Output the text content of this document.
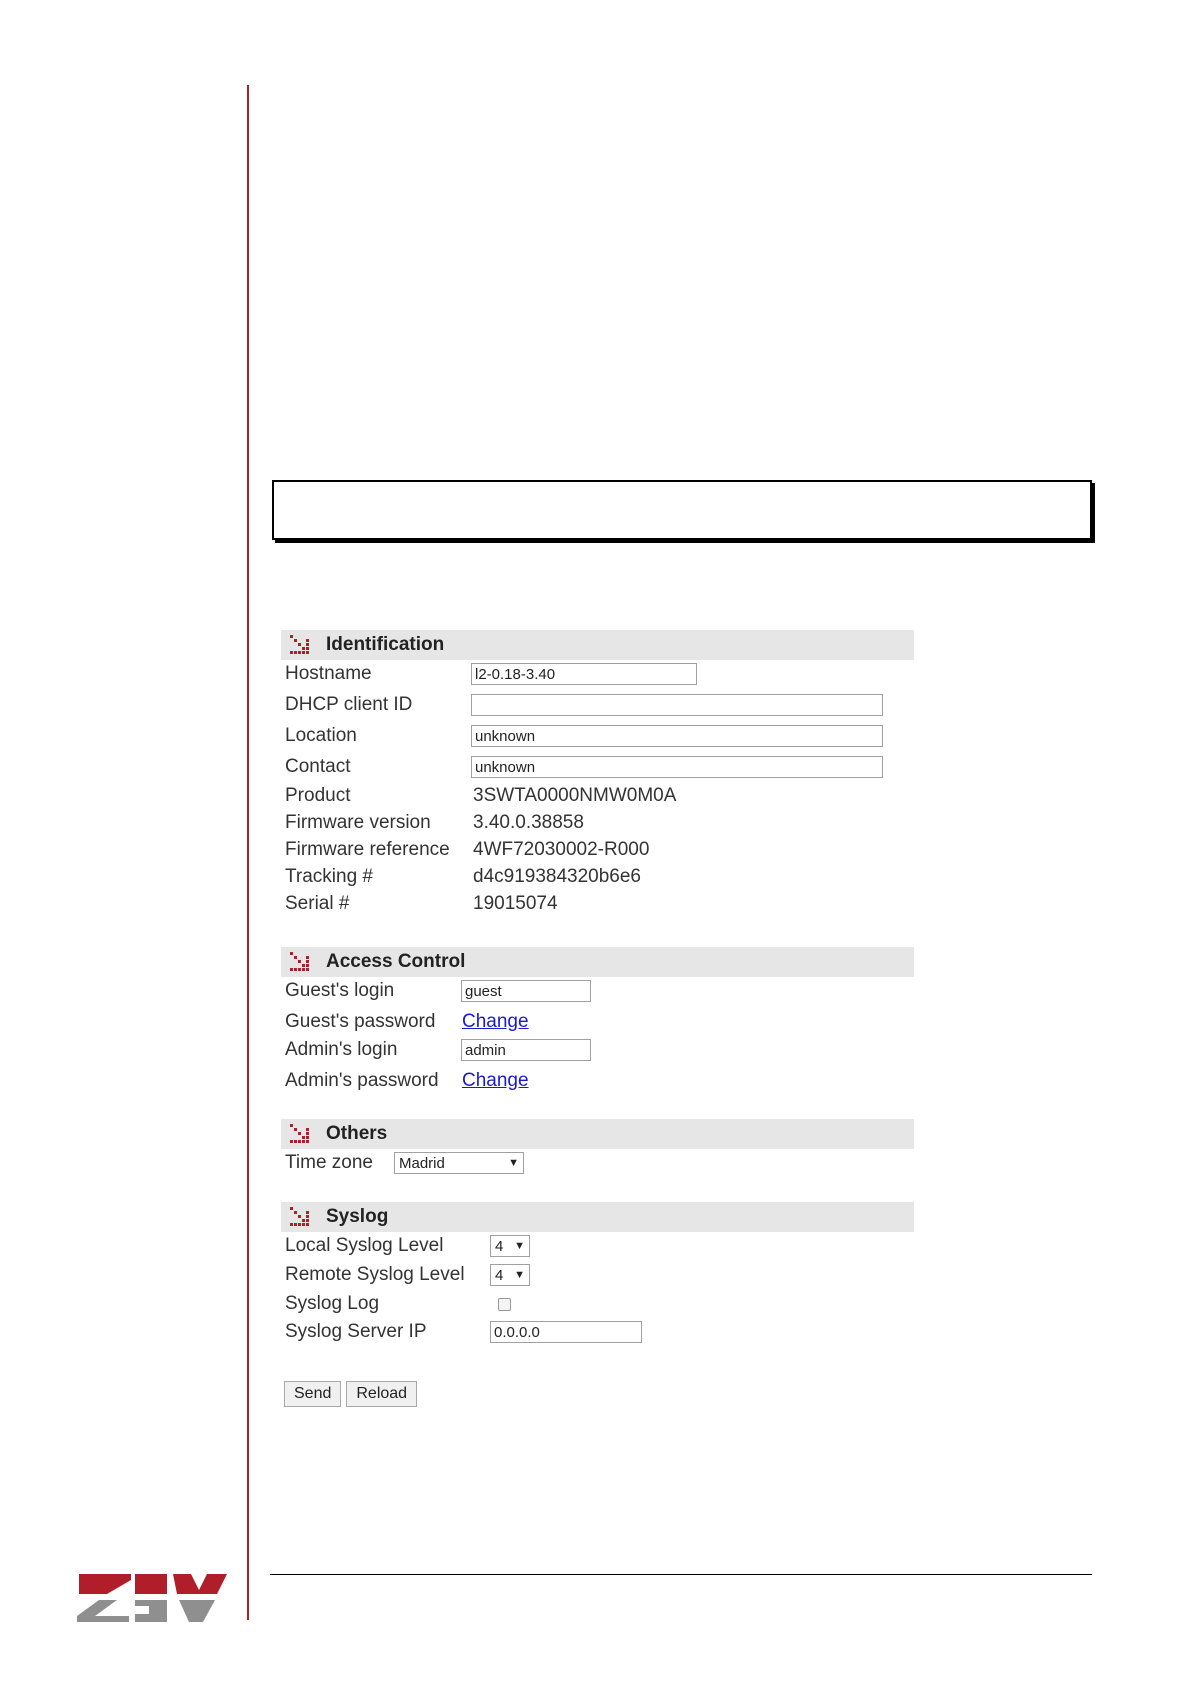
Identification
Hostname	l2-0.18-3.40
DHCP client ID
Location	unknown
Contact	unknown
Product	3SWTA0000NMW0M0A
Firmware version 3.40.0.38858
Firmware reference 4WF72030002-R000
Tracking #	d4c919384320b6e6
Serial #	19015074
Access Control
Guest's login	guest
Guest's password Change
Admin's login	admin
Admin's password Change
Others
Time zone Madrid	▼
Syslog
Local Syslog Level	4 ▼
Remote Syslog Level 4 ▼
Syslog Log
Syslog Server IP	0.0.0.0
Send	Reload
